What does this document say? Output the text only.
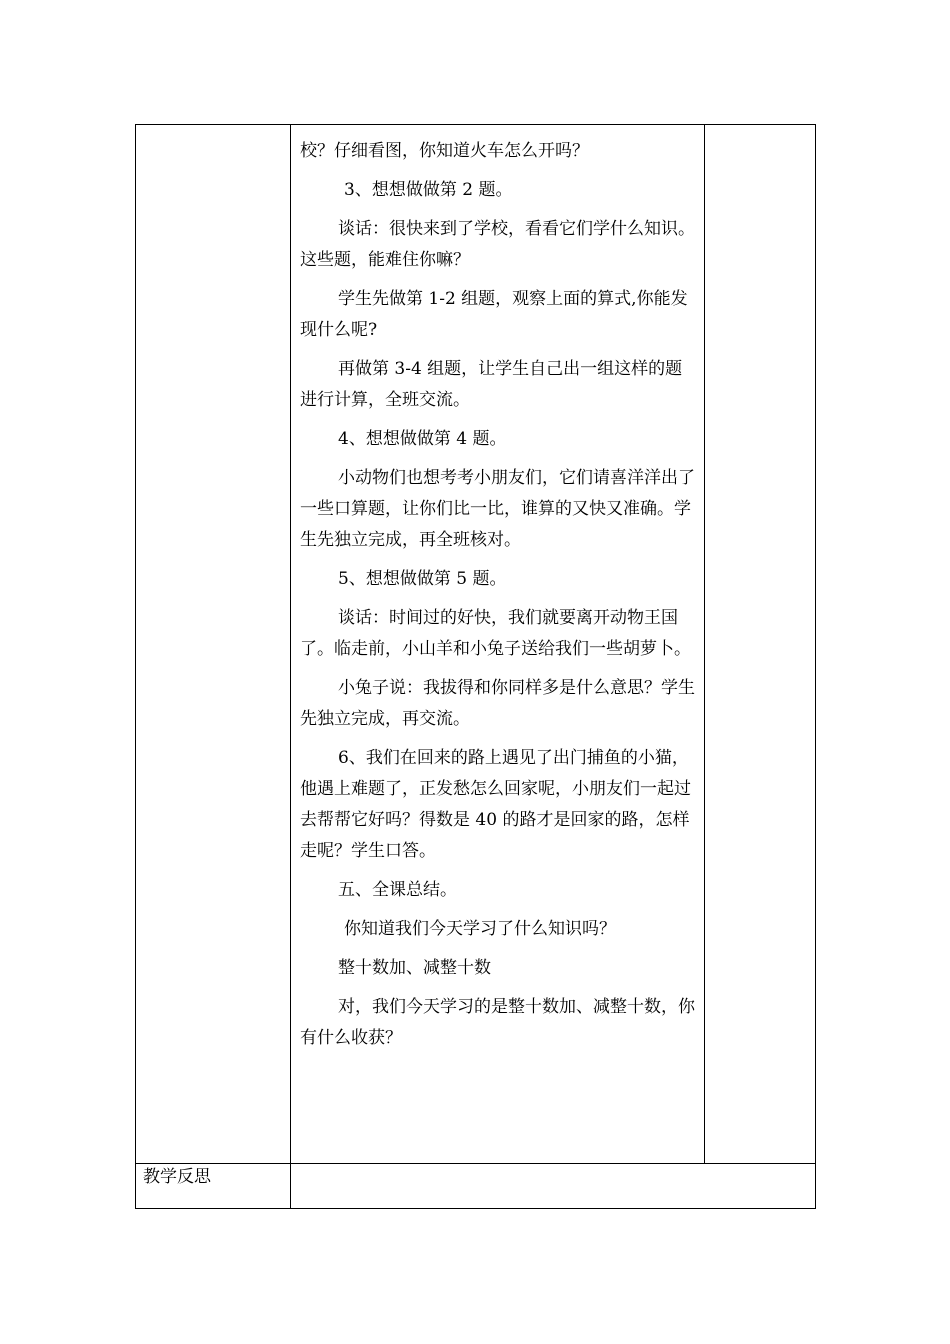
校？仔细看图，你知道火车怎么开吗？

3、想想做做第 2 题。

谈话：很快来到了学校，看看它们学什么知识。这些题，能难住你嘛？

学生先做第 1-2 组题，观察上面的算式,你能发现什么呢?

再做第 3-4 组题，让学生自己出一组这样的题进行计算，全班交流。

4、想想做做第 4 题。

小动物们也想考考小朋友们，它们请喜洋洋出了一些口算题，让你们比一比，谁算的又快又准确。学生先独立完成，再全班核对。

5、想想做做第 5 题。

谈话：时间过的好快，我们就要离开动物王国了。临走前，小山羊和小兔子送给我们一些胡萝卜。

小兔子说：我拔得和你同样多是什么意思？学生先独立完成，再交流。

6、我们在回来的路上遇见了出门捕鱼的小猫，他遇上难题了，正发愁怎么回家呢，小朋友们一起过去帮帮它好吗？得数是 40 的路才是回家的路，怎样走呢？学生口答。

五、全课总结。

你知道我们今天学习了什么知识吗？

整十数加、减整十数

对，我们今天学习的是整十数加、减整十数，你有什么收获？

教学反思
